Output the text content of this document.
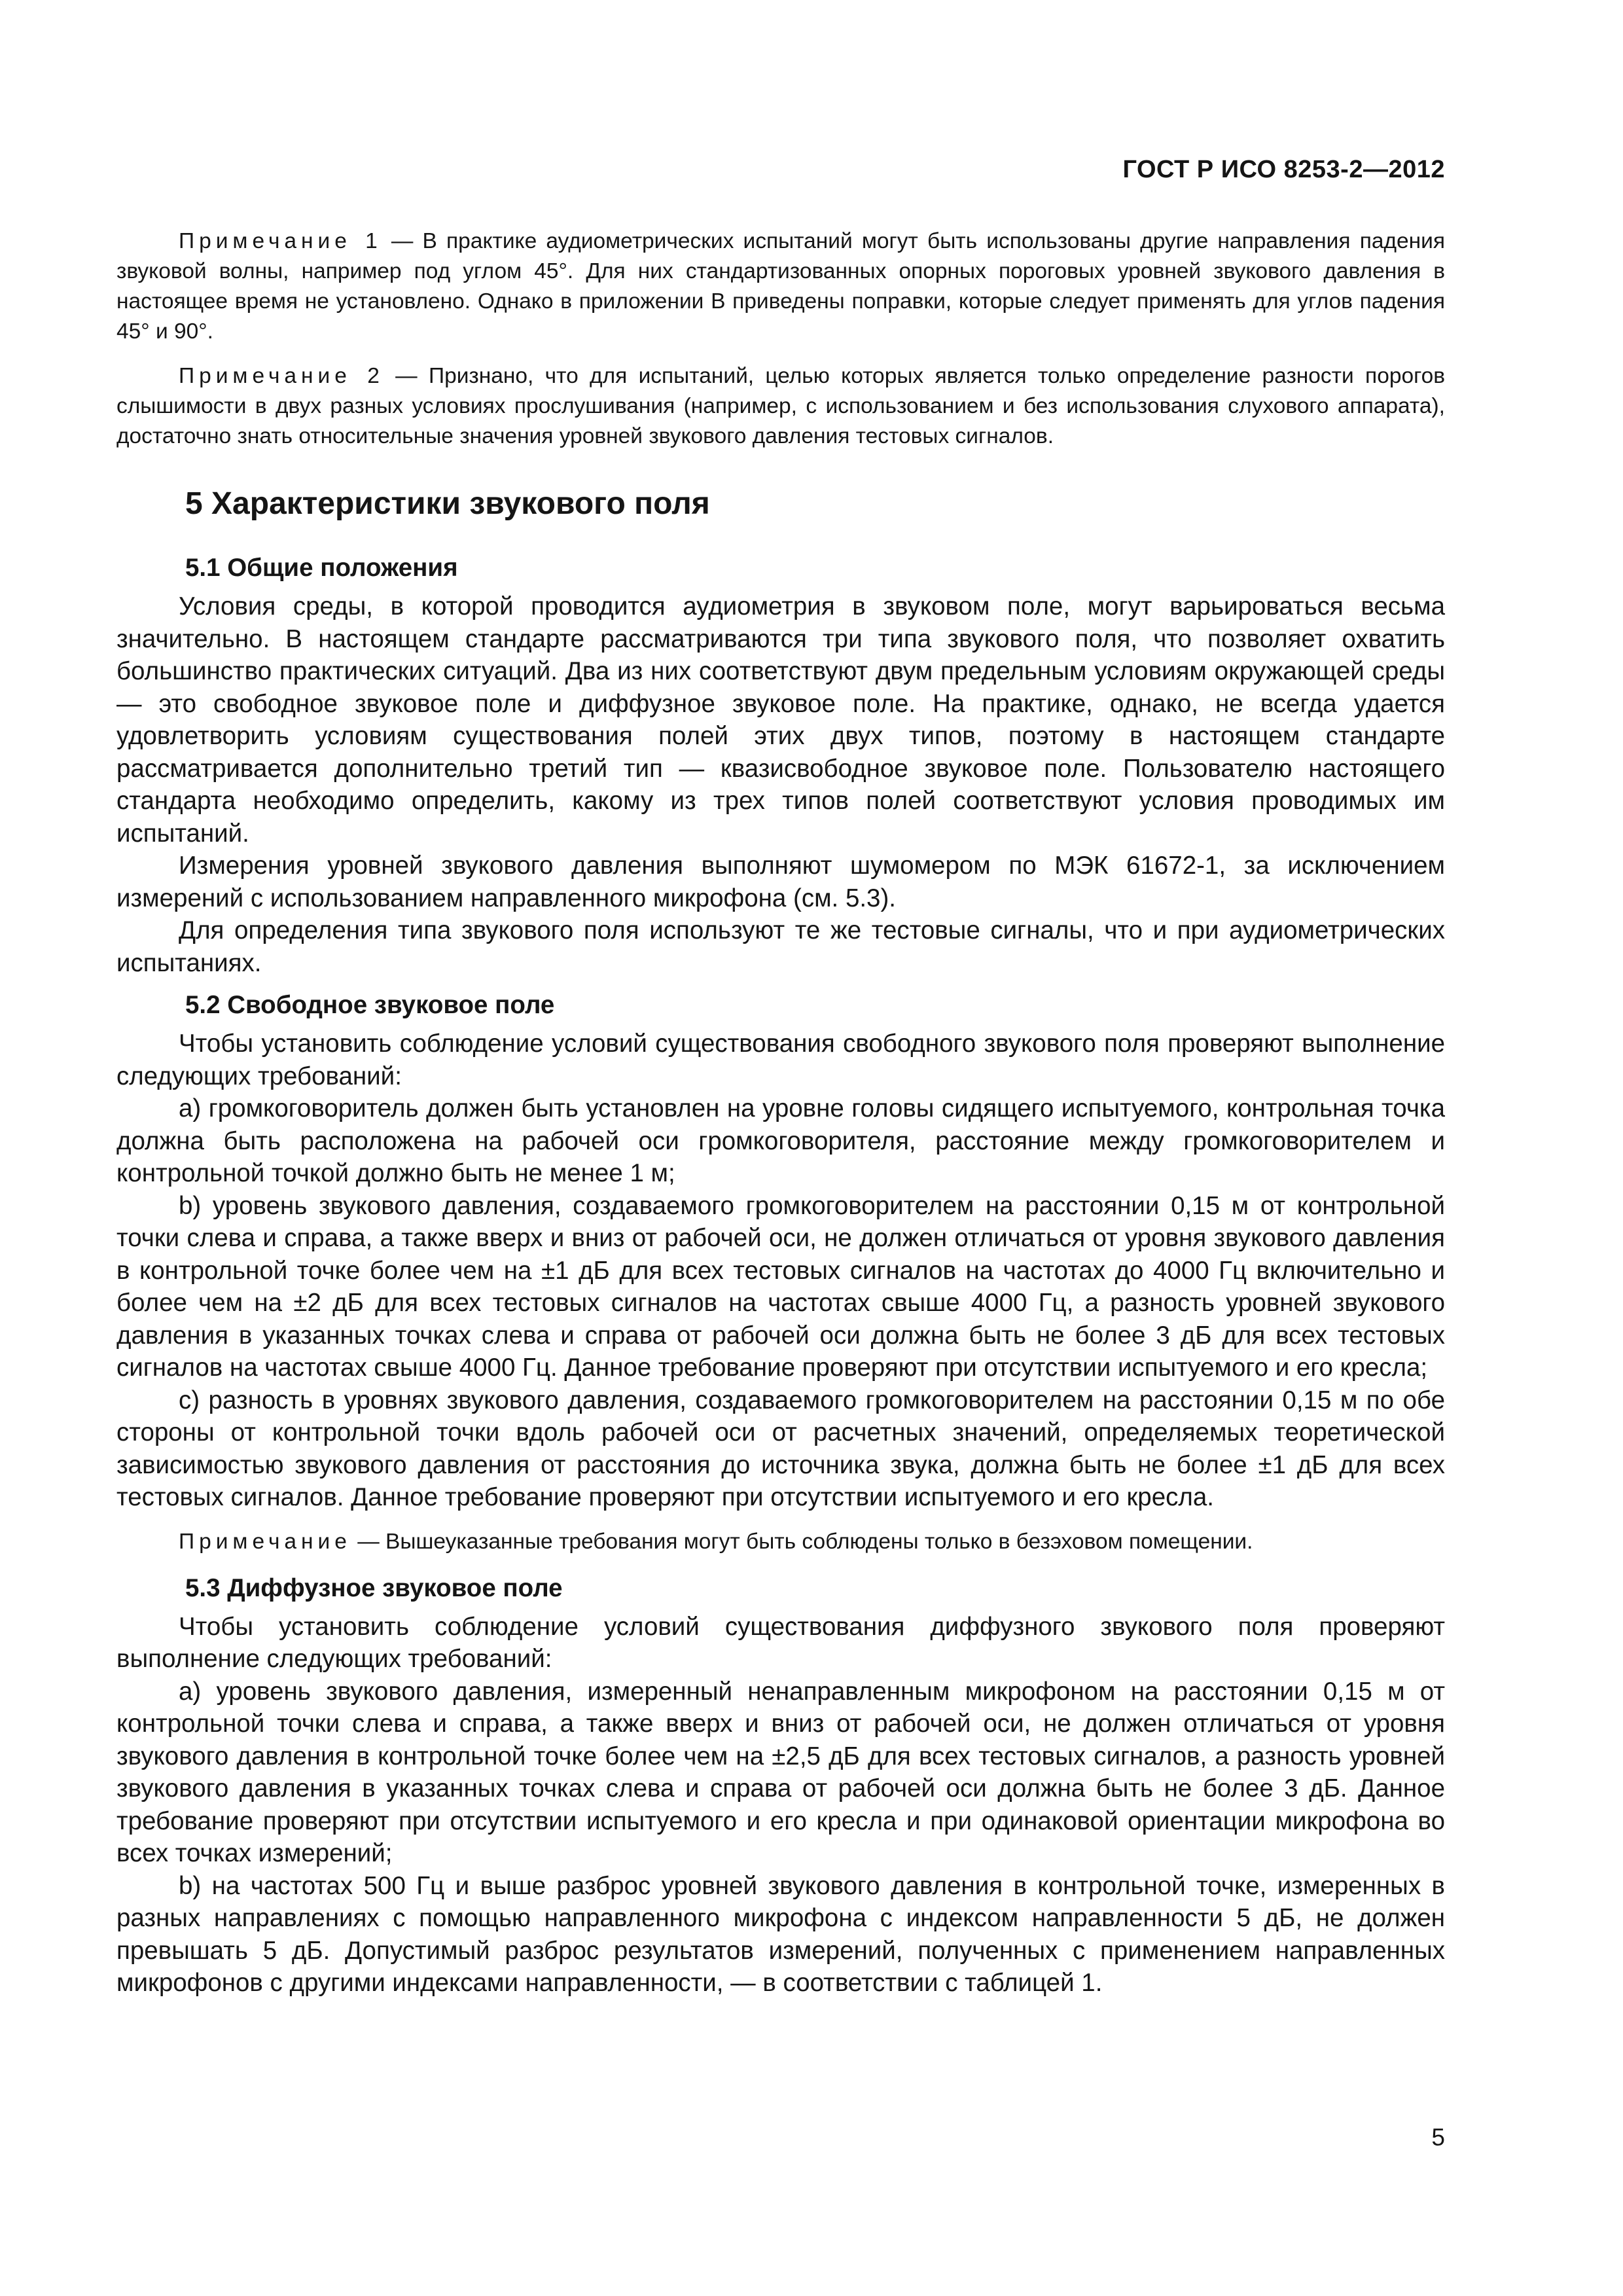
ГОСТ Р ИСО 8253-2—2012

Примечание 1 — В практике аудиометрических испытаний могут быть использованы другие направления падения звуковой волны, например под углом 45°. Для них стандартизованных опорных пороговых уровней звукового давления в настоящее время не установлено. Однако в приложении В приведены поправки, которые следует применять для углов падения 45° и 90°.

Примечание 2 — Признано, что для испытаний, целью которых является только определение разности порогов слышимости в двух разных условиях прослушивания (например, с использованием и без использования слухового аппарата), достаточно знать относительные значения уровней звукового давления тестовых сигналов.

5 Характеристики звукового поля
5.1 Общие положения

Условия среды, в которой проводится аудиометрия в звуковом поле, могут варьироваться весьма значительно. В настоящем стандарте рассматриваются три типа звукового поля, что позволяет охватить большинство практических ситуаций. Два из них соответствуют двум предельным условиям окружающей среды — это свободное звуковое поле и диффузное звуковое поле. На практике, однако, не всегда удается удовлетворить условиям существования полей этих двух типов, поэтому в настоящем стандарте рассматривается дополнительно третий тип — квазисвободное звуковое поле. Пользователю настоящего стандарта необходимо определить, какому из трех типов полей соответствуют условия проводимых им испытаний.

Измерения уровней звукового давления выполняют шумомером по МЭК 61672-1, за исключением измерений с использованием направленного микрофона (см. 5.3).

Для определения типа звукового поля используют те же тестовые сигналы, что и при аудиометрических испытаниях.

5.2 Свободное звуковое поле

Чтобы установить соблюдение условий существования свободного звукового поля проверяют выполнение следующих требований:

a) громкоговоритель должен быть установлен на уровне головы сидящего испытуемого, контрольная точка должна быть расположена на рабочей оси громкоговорителя, расстояние между громкоговорителем и контрольной точкой должно быть не менее 1 м;

b) уровень звукового давления, создаваемого громкоговорителем на расстоянии 0,15 м от контрольной точки слева и справа, а также вверх и вниз от рабочей оси, не должен отличаться от уровня звукового давления в контрольной точке более чем на ±1 дБ для всех тестовых сигналов на частотах до 4000 Гц включительно и более чем на ±2 дБ для всех тестовых сигналов на частотах свыше 4000 Гц, а разность уровней звукового давления в указанных точках слева и справа от рабочей оси должна быть не более 3 дБ для всех тестовых сигналов на частотах свыше 4000 Гц. Данное требование проверяют при отсутствии испытуемого и его кресла;

c) разность в уровнях звукового давления, создаваемого громкоговорителем на расстоянии 0,15 м по обе стороны от контрольной точки вдоль рабочей оси от расчетных значений, определяемых теоретической зависимостью звукового давления от расстояния до источника звука, должна быть не более ±1 дБ для всех тестовых сигналов. Данное требование проверяют при отсутствии испытуемого и его кресла.

Примечание — Вышеуказанные требования могут быть соблюдены только в безэховом помещении.

5.3 Диффузное звуковое поле

Чтобы установить соблюдение условий существования диффузного звукового поля проверяют выполнение следующих требований:

a) уровень звукового давления, измеренный ненаправленным микрофоном на расстоянии 0,15 м от контрольной точки слева и справа, а также вверх и вниз от рабочей оси, не должен отличаться от уровня звукового давления в контрольной точке более чем на ±2,5 дБ для всех тестовых сигналов, а разность уровней звукового давления в указанных точках слева и справа от рабочей оси должна быть не более 3 дБ. Данное требование проверяют при отсутствии испытуемого и его кресла и при одинаковой ориентации микрофона во всех точках измерений;

b) на частотах 500 Гц и выше разброс уровней звукового давления в контрольной точке, измеренных в разных направлениях с помощью направленного микрофона с индексом направленности 5 дБ, не должен превышать 5 дБ. Допустимый разброс результатов измерений, полученных с применением направленных микрофонов с другими индексами направленности, — в соответствии с таблицей 1.

5
